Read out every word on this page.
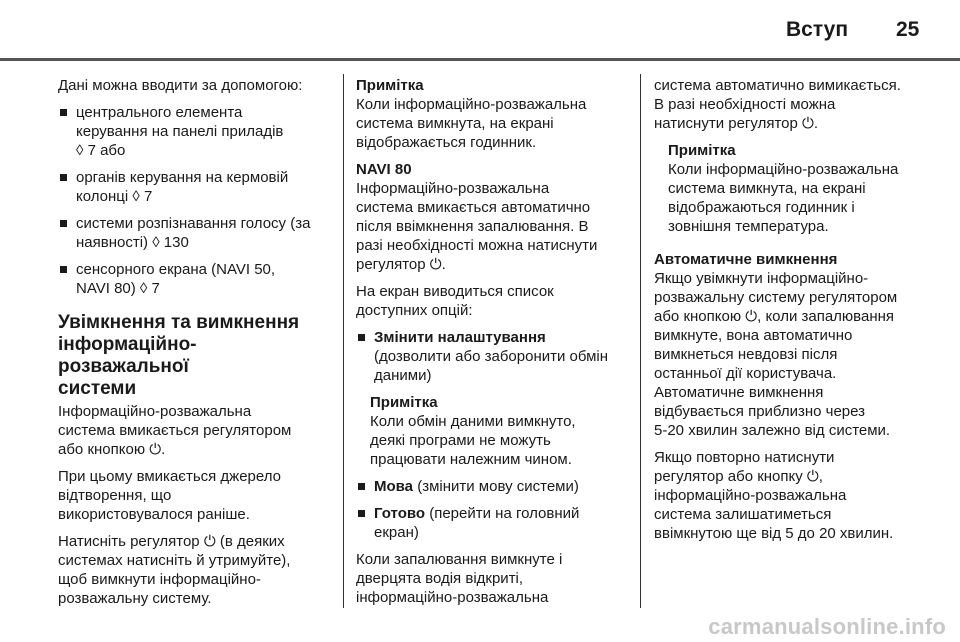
Вступ 25

Дані можна вводити за допомогою:

центрального елемента
керування на панелі приладів
◊ 7 або
органів керування на кермовій
колонці ◊ 7
системи розпізнавання голосу (за
наявності) ◊ 130
сенсорного екрана (NAVI 50,
NAVI 80) ◊ 7
Увімкнення та вимкнення
інформаційно-розважальної
системи

Інформаційно-розважальна
система вмикається регулятором
або кнопкою ⏻.

При цьому вмикається джерело
відтворення, що
використовувалося раніше.

Натисніть регулятор ⏻ (в деяких
системах натисніть й утримуйте),
щоб вимкнути інформаційно-
розважальну систему.

Примітка
Коли інформаційно-розважальна
система вимкнута, на екрані
відображається годинник.

NAVI 80
Інформаційно-розважальна
система вмикається автоматично
після ввімкнення запалювання. В
разі необхідності можна натиснути
регулятор ⏻.

На екран виводиться список
доступних опцій:

Змінити налаштування
(дозволити або заборонити обмін
даними)
Примітка
Коли обмін даними вимкнуто,
деякі програми не можуть
працювати належним чином.
Мова (змінити мову системи)
Готово (перейти на головний
екран)

Коли запалювання вимкнуте і
дверцята водія відкриті,
інформаційно-розважальна

система автоматично вимикається.
В разі необхідності можна
натиснути регулятор ⏻.

Примітка
Коли інформаційно-розважальна
система вимкнута, на екрані
відображаються годинник і
зовнішня температура.

Автоматичне вимкнення
Якщо увімкнути інформаційно-
розважальну систему регулятором
або кнопкою ⏻, коли запалювання
вимкнуте, вона автоматично
вимкнеться невдовзі після
останньої дії користувача.
Автоматичне вимкнення
відбувається приблизно через
5-20 хвилин залежно від системи.

Якщо повторно натиснути
регулятор або кнопку ⏻,
інформаційно-розважальна
система залишатиметься
ввімкнутою ще від 5 до 20 хвилин.

carmanualsonline.info
